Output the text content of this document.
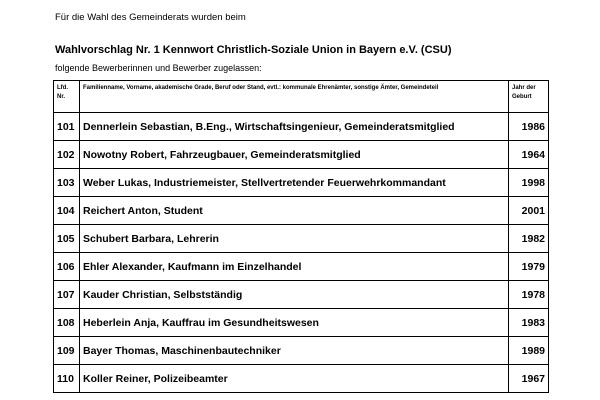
Für die Wahl des Gemeinderats wurden beim
Wahlvorschlag Nr. 1 Kennwort Christlich-Soziale Union in Bayern e.V. (CSU)
folgende Bewerberinnen und Bewerber zugelassen:
Lfd. Nr.	Familienname, Vorname, akademische Grade, Beruf oder Stand, evtl.: kommunale Ehrenämter, sonstige Ämter, Gemeindeteil	Jahr der Geburt
101	Dennerlein Sebastian, B.Eng., Wirtschaftsingenieur, Gemeinderatsmitglied	1986
102	Nowotny Robert, Fahrzeugbauer, Gemeinderatsmitglied	1964
103	Weber Lukas, Industriemeister, Stellvertretender Feuerwehrkommandant	1998
104	Reichert Anton, Student	2001
105	Schubert Barbara, Lehrerin	1982
106	Ehler Alexander, Kaufmann im Einzelhandel	1979
107	Kauder Christian, Selbstständig	1978
108	Heberlein Anja, Kauffrau im Gesundheitswesen	1983
109	Bayer Thomas, Maschinenbautechniker	1989
110	Koller Reiner, Polizeibeamter	1967
